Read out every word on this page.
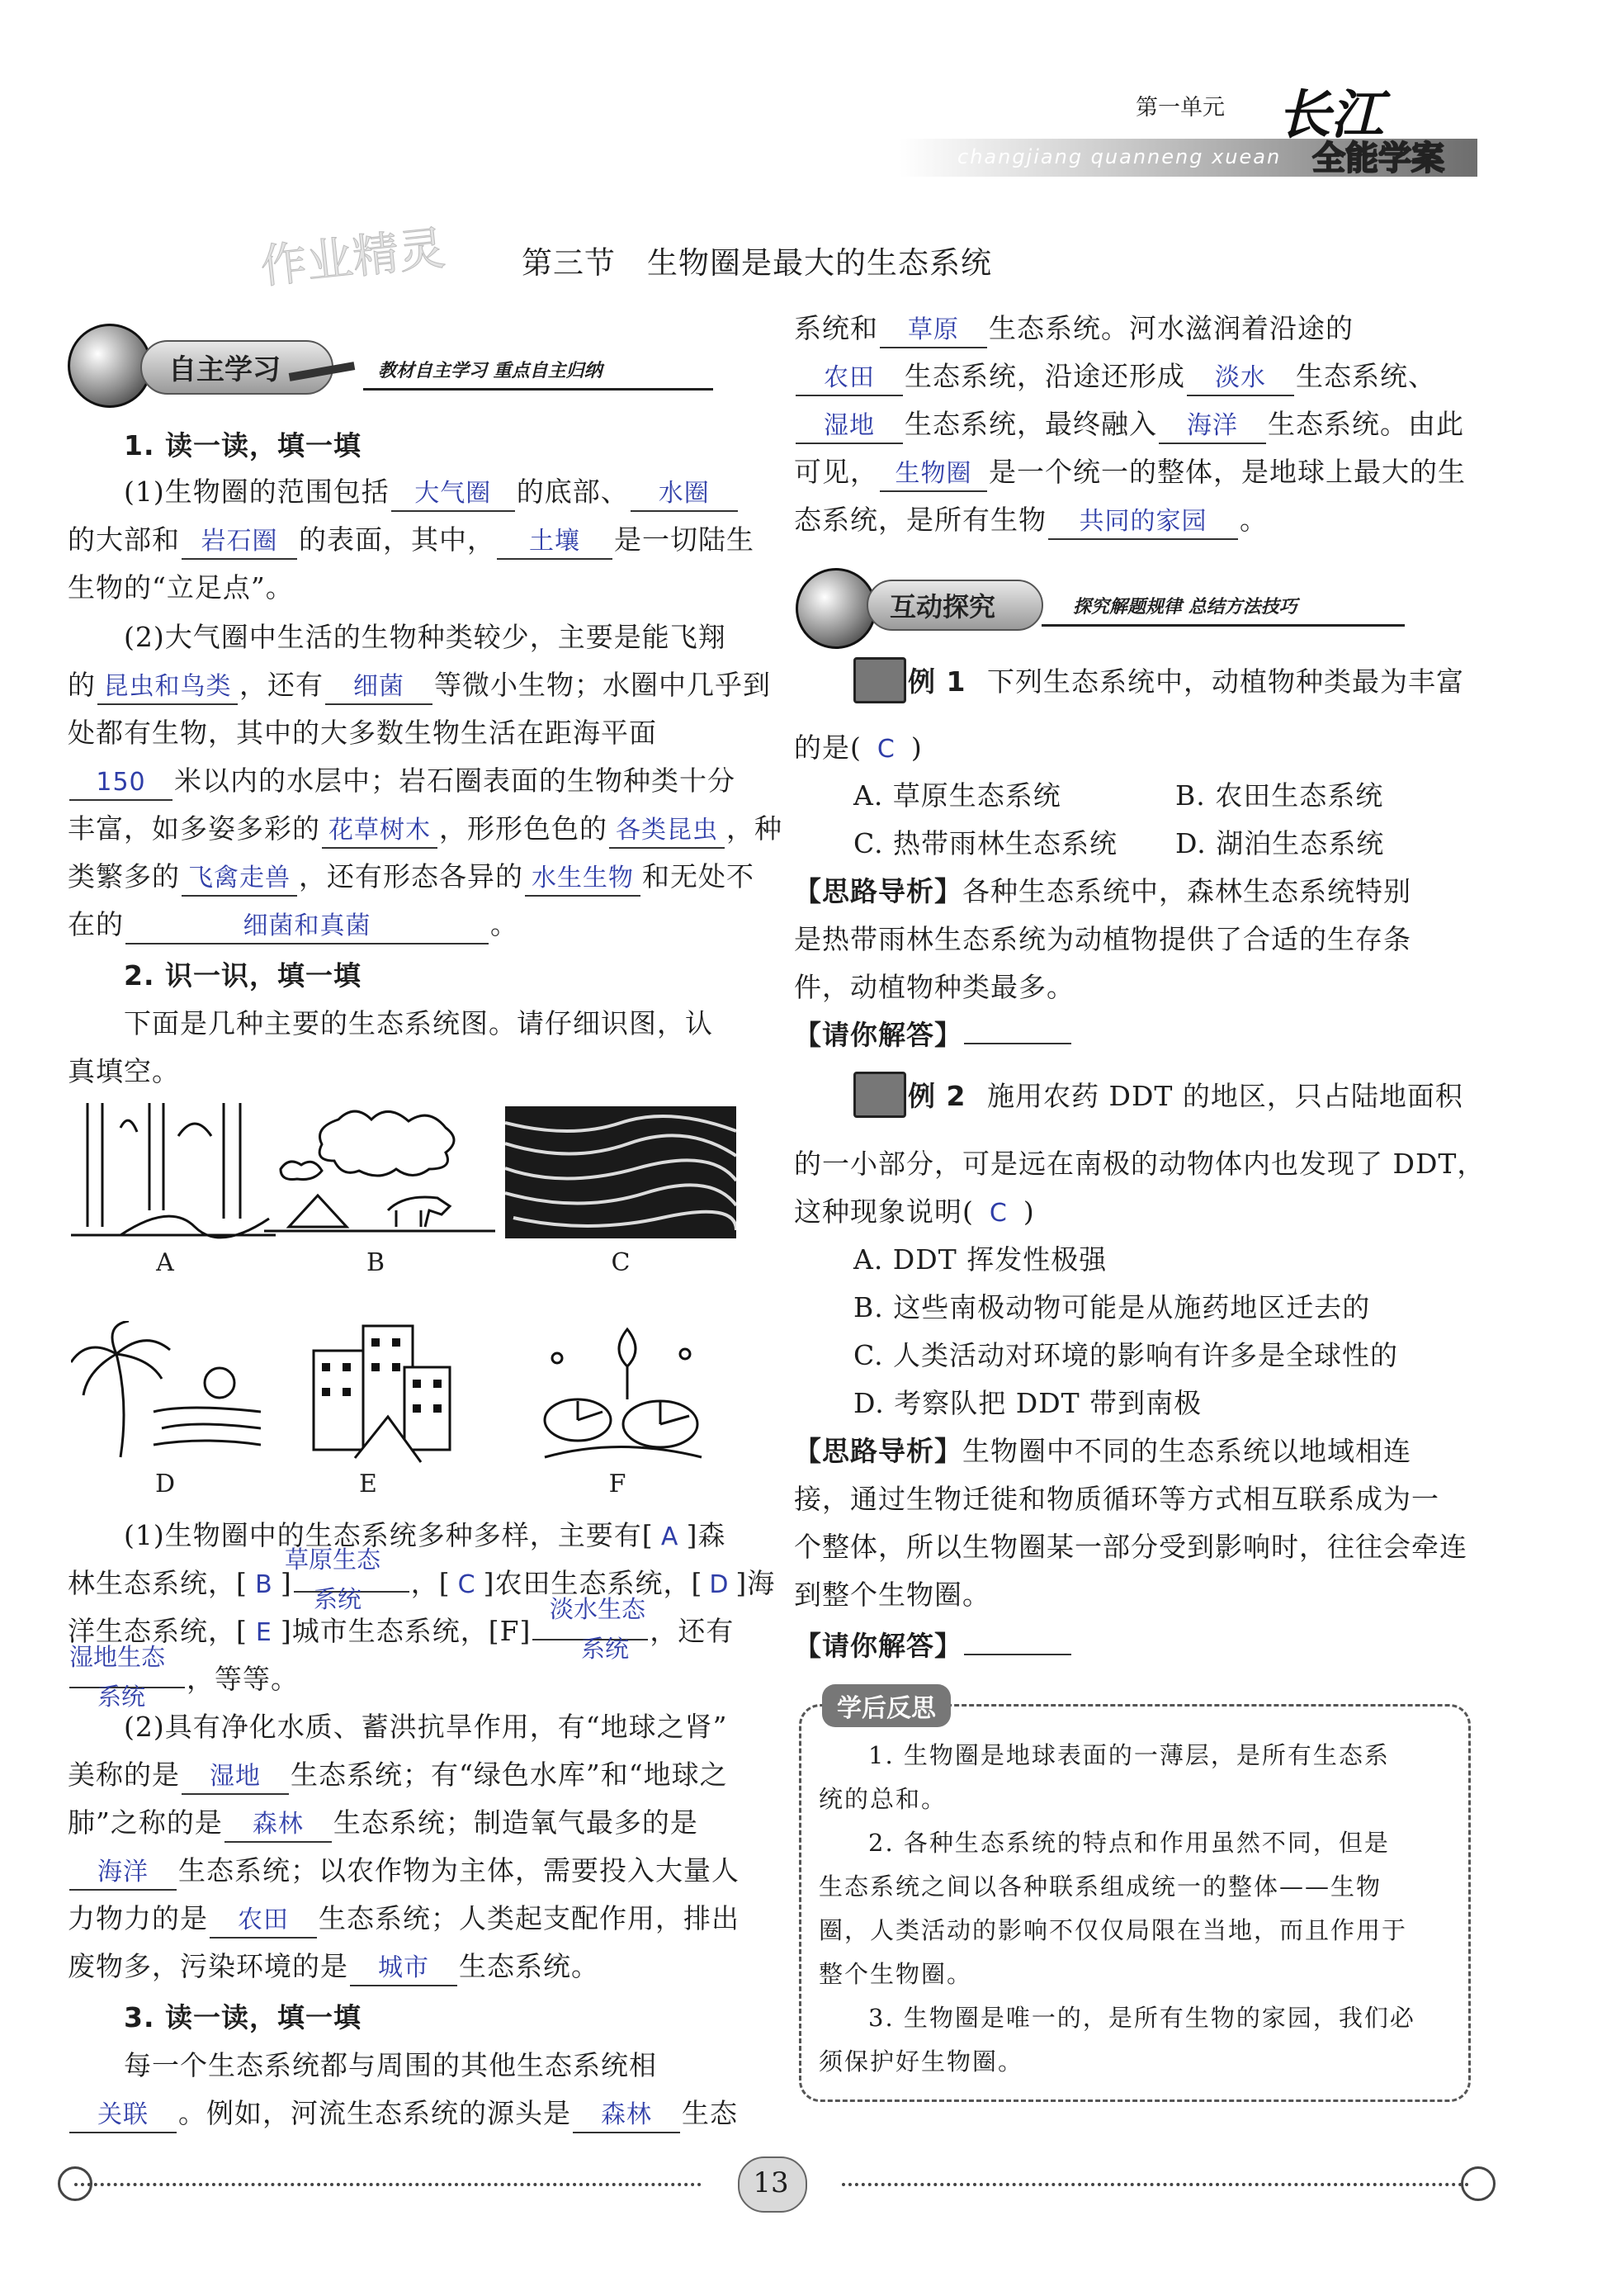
第一单元
changjiang quanneng xuean
长江
全能学案
作业精灵 第三节　生物圈是最大的生态系统
自主学习	教材自主学习 重点自主归纳
1. 读一读，填一填
(1)生物圈的范围包括 大气圈 的底部、 水圈
的大部和 岩石圈 的表面，其中， 土壤 是一切陆生
生物的“立足点”。
(2)大气圈中生活的生物种类较少，主要是能飞翔
的 昆虫和鸟类 ，还有 细菌 等微小生物；水圈中几乎到
处都有生物，其中的大多数生物生活在距海平面
150 米以内的水层中；岩石圈表面的生物种类十分
丰富，如多姿多彩的 花草树木 ，形形色色的 各类昆虫 ，种
类繁多的 飞禽走兽 ，还有形态各异的 水生生物 和无处不
在的	细菌和真菌	。
2. 识一识，填一填
下面是几种主要的生态系统图。请仔细识图，认
真填空。
A	B	C
D	E	F
(1)生物圈中的生态系统多种多样，主要有[ A ]森
林生态系统，[ B ]	，[ C ]农田生态系统，[ D ]海
草原生态
系统
洋生态系统，[ E ]城市生态系统，[F]	，还有
淡水生态
系统
，等等。
湿地生态
系统
(2)具有净化水质、蓄洪抗旱作用，有“地球之肾”
美称的是 湿地 生态系统；有“绿色水库”和“地球之
肺”之称的是 森林 生态系统；制造氧气最多的是
海洋 生态系统；以农作物为主体，需要投入大量人
力物力的是 农田 生态系统；人类起支配作用，排出
废物多，污染环境的是 城市 生态系统。
3. 读一读，填一填
每一个生态系统都与周围的其他生态系统相
关联 。例如，河流生态系统的源头是 森林 生态
系统和 草原 生态系统。河水滋润着沿途的
农田 生态系统，沿途还形成 淡水 生态系统、
湿地 生态系统，最终融入 海洋 生态系统。由此
可见， 生物圈 是一个统一的整体，是地球上最大的生
态系统，是所有生物 共同的家园 。
互动探究	探究解题规律 总结方法技巧
例 1 下列生态系统中，动植物种类最为丰富
的是( C )
A. 草原生态系统	B. 农田生态系统
C. 热带雨林生态系统 D. 湖泊生态系统
【思路导析】各种生态系统中，森林生态系统特别
是热带雨林生态系统为动植物提供了合适的生存条
件，动植物种类最多。
【请你解答】
例 2 施用农药 DDT 的地区，只占陆地面积
的一小部分，可是远在南极的动物体内也发现了 DDT，
这种现象说明( C )
A. DDT 挥发性极强
B. 这些南极动物可能是从施药地区迁去的
C. 人类活动对环境的影响有许多是全球性的
D. 考察队把 DDT 带到南极
【思路导析】生物圈中不同的生态系统以地域相连
接，通过生物迁徙和物质循环等方式相互联系成为一
个整体，所以生物圈某一部分受到影响时，往往会牵连
到整个生物圈。
【请你解答】
学后反思
1. 生物圈是地球表面的一薄层，是所有生态系
统的总和。
2. 各种生态系统的特点和作用虽然不同，但是
生态系统之间以各种联系组成统一的整体——生物
圈，人类活动的影响不仅仅局限在当地，而且作用于
整个生物圈。
3. 生物圈是唯一的，是所有生物的家园，我们必
须保护好生物圈。
13
